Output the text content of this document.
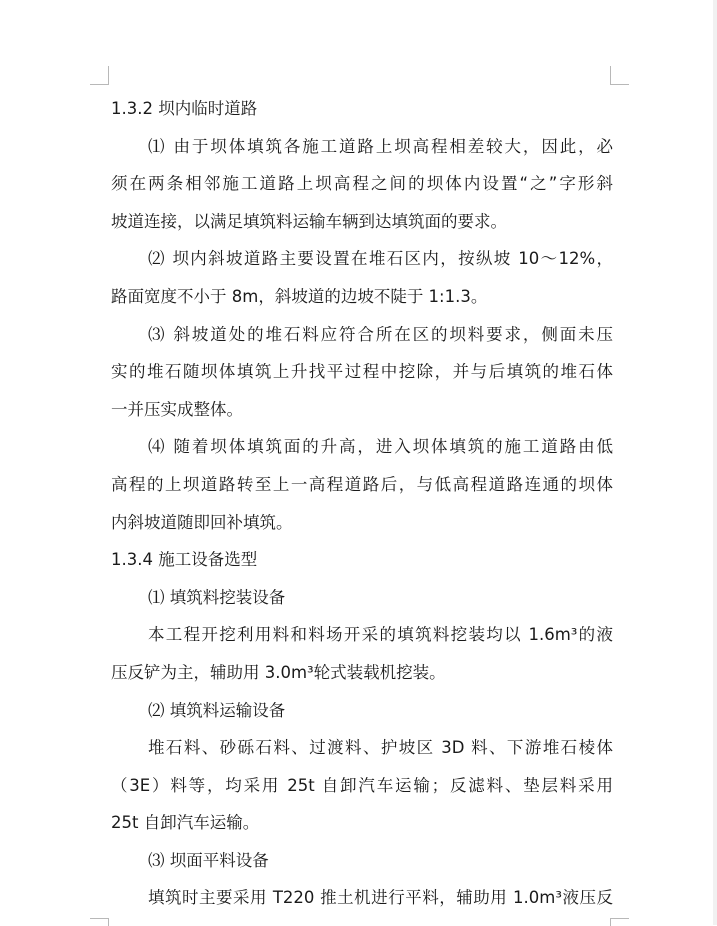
1.3.2 坝内临时道路
⑴ 由于坝体填筑各施工道路上坝高程相差较大，因此，必
须在两条相邻施工道路上坝高程之间的坝体内设置“之”字形斜
坡道连接，以满足填筑料运输车辆到达填筑面的要求。
⑵ 坝内斜坡道路主要设置在堆石区内，按纵坡 10～12%，
路面宽度不小于 8m，斜坡道的边坡不陡于 1:1.3。
⑶ 斜坡道处的堆石料应符合所在区的坝料要求，侧面未压
实的堆石随坝体填筑上升找平过程中挖除，并与后填筑的堆石体
一并压实成整体。
⑷ 随着坝体填筑面的升高，进入坝体填筑的施工道路由低
高程的上坝道路转至上一高程道路后，与低高程道路连通的坝体
内斜坡道随即回补填筑。
1.3.4 施工设备选型
⑴ 填筑料挖装设备
本工程开挖利用料和料场开采的填筑料挖装均以 1.6m³的液
压反铲为主，辅助用 3.0m³轮式装载机挖装。
⑵ 填筑料运输设备
堆石料、砂砾石料、过渡料、护坡区 3D 料、下游堆石棱体
（3E）料等，均采用 25t 自卸汽车运输；反滤料、垫层料采用
25t 自卸汽车运输。
⑶ 坝面平料设备
填筑时主要采用 T220 推土机进行平料，辅助用 1.0m³液压反
